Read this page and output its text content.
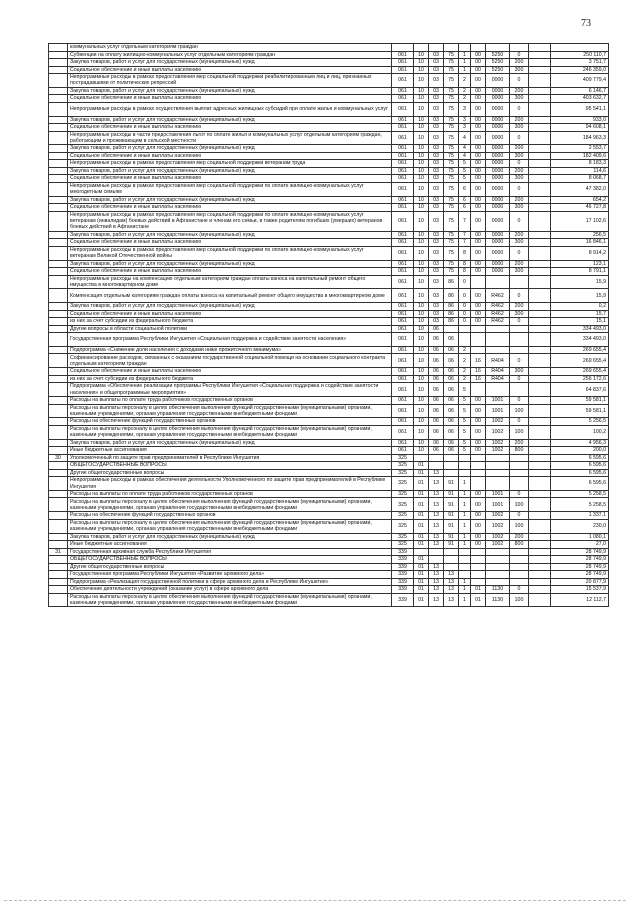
73
	коммунальных услуг отдельным категориям граждан										
	Субвенции на оплату жилищно-коммунальных услуг отдельным категориям граждан	061	10	03	75	1	00	5250	0		250 110,7
	Закупка товаров, работ и услуг для государственных (муниципальных) нужд	061	10	03	75	1	00	5250	200		3 751,7
	Социальное обеспечение и иные выплаты населению	061	10	03	75	1	00	5250	300		246 359,0
	Непрограммные расходы в рамках предоставления мер социальной поддержки реабилитированным лиц и лиц, признанных пострадавшими от политических репрессий	061	10	03	75	2	00	0000	0		409 779,4
	Закупка товаров, работ и услуг для государственных (муниципальных) нужд	061	10	03	75	2	00	0000	200		6 146,7
	Социальное обеспечение и иные выплаты населению	061	10	03	75	2	00	0000	300		403 632,7
	Непрограммные расходы в рамках осуществления выплат адресных жилищных субсидий при оплате жилья и коммунальных услуг	061	10	03	75	3	00	0000	0		95 541,1
	Закупка товаров, работ и услуг для государственных (муниципальных) нужд	061	10	03	75	3	00	0000	200		933,0
	Социальное обеспечение и иные выплаты населению	061	10	03	75	3	00	0000	300		94 608,1
	Непрограммные расходы в части предоставления льгот по оплате жилья и коммунальных услуг отдельным категориям граждан, работающим и проживающим в сельской местности	061	10	03	75	4	00	0000	0		184 963,3
	Закупка товаров, работ и услуг для государственных (муниципальных) нужд	061	10	03	75	4	00	0000	200		2 553,7
	Социальное обеспечение и иные выплаты населению	061	10	03	75	4	00	0000	300		182 409,6
	Непрограммные расходы в рамках предоставления мер социальной поддержки ветеранам труда	061	10	03	75	5	00	0000	0		8 183,3
	Закупка товаров, работ и услуг для государственных (муниципальных) нужд	061	10	03	75	5	00	0000	200		114,6
	Социальное обеспечение и иные выплаты населению	061	10	03	75	5	00	0000	300		8 068,7
	Непрограммные расходы в рамках предоставления мер социальной поддержки по оплате жилищно-коммунальных услуг многодетным семьям	061	10	03	75	6	00	0000	0		47 382,0
	Закупка товаров, работ и услуг для государственных (муниципальных) нужд	061	10	03	75	6	00	0000	200		654,2
	Социальное обеспечение и иные выплаты населению	061	10	03	75	6	00	0000	300		46 727,8
	Непрограммные расходы в рамках предоставления мер социальной поддержки по оплате жилищно-коммунальных услуг ветеранам (инвалидам) боевых действий в Афганистане и членам его семьи, в также родителям погибших (умерших) ветеранов боевых действий в Афганистане	061	10	03	75	7	00	0000	0		17 102,6
	Закупка товаров, работ и услуг для государственных (муниципальных) нужд	061	10	03	75	7	00	0000	200		256,5
	Социальное обеспечение и иные выплаты населению	061	10	03	75	7	00	0000	300		16 846,1
	Непрограммные расходы в рамках предоставления мер социальной поддержки по оплате жилищно-коммунальных услуг ветеранам Великой Отечественной войны	061	10	03	75	8	00	0000	0		8 914,2
	Закупка товаров, работ и услуг для государственных (муниципальных) нужд	061	10	03	75	8	00	0000	200		123,1
	Социальное обеспечение и иные выплаты населению	061	10	03	75	8	00	0000	300		8 791,1
	Непрограммные расходы на компенсацию отдельным категориям граждан оплаты взноса на капитальный ремонт общего имущества в многоквартирном доме	061	10	03	86	0					15,9
	Компенсация отдельным категориям граждан оплаты взноса на капитальный ремонт общего имущества в многоквартирном доме	061	10	03	86	0	00	R462	0		15,9
	Закупка товаров, работ и услуг для государственных (муниципальных) нужд	061	10	03	86	0	00	R462	200		0,2
	Социальное обеспечение и иные выплаты населению	061	10	03	86	0	00	R462	300		15,7
	из них за счет субсидии из федерального бюджета	061	10	03	86	0	00	R462	0		15,1
	Другие вопросы в области социальной политики	061	10	06							334 493,0
	Государственная программа Республики Ингушетия «Социальная поддержка и содействие занятости населения»	061	10	06	06						334 493,0
	Подпрограмма «Снижение доли населения с доходами ниже прожиточного минимума»	061	10	06	06	2					269 655,4
	Софинансирование расходов, связанных с оказанием государственной социальной помощи на основании социального контракта отдельным категориям граждан	061	10	06	06	2	16	R404	0		269 655,4
	Социальное обеспечение и иные выплаты населению	061	10	06	06	2	16	R404	300		269 655,4
	из них за счет субсидии из федерального бюджета	061	10	06	06	2	16	R404	0		256 172,6
	Подпрограмма «Обеспечение реализации программы Республики Ингушетия «Социальная поддержка и содействие занятости населения» и общепрограммные мероприятия»	061	10	06	06	5					64 837,6
	Расходы на выплаты по оплате труда работников государственных органов	061	10	06	06	5	00	1001	0		59 581,1
	Расходы на выплаты персоналу в целях обеспечения выполнения функций государственными (муниципальными) органами, казенными учреждениями, органам управления государственными внебюджетными фондами	061	10	06	06	5	00	1001	100		59 581,1
	Расходы на обеспечение функций государственных органов	061	10	06	06	5	00	1002	0		5 256,5
	Расходы на выплаты персоналу в целях обеспечения выполнения функций государственными (муниципальными) органами, казенными учреждениями, органам управления государственными внебюджетными фондами	061	10	06	06	5	00	1002	100		100,2
	Закупка товаров, работ и услуг для государственных (муниципальных) нужд	061	10	06	06	5	00	1002	200		4 956,3
	Иные бюджетные ассигнования	061	10	06	06	5	00	1002	800		200,0
30	Уполномоченный по защите прав предпринимателей в Республике Ингушетия	325									6 595,6
	ОБЩЕГОСУДАРСТВЕННЫЕ ВОПРОСЫ	325	01								6 595,6
	Другие общегосударственные вопросы	325	01	13							6 595,6
	Непрограммные расходы в рамках обеспечения деятельности Уполномоченного по защите прав предпринимателей в Республике Ингушетия	325	01	13	91	1					6 595,6
	Расходы на выплаты по оплате труда работников государственных органов	325	01	13	91	1	00	1001	0		5 258,5
	Расходы на выплаты персоналу в целях обеспечения выполнения функций государственными (муниципальными) органами, казенными учреждениями, органам управления государственными внебюджетными фондами	325	01	13	91	1	00	1001	100		5 258,5
	Расходы на обеспечение функций государственных органов	325	01	13	91	1	00	1002	0		1 337,1
	Расходы на выплаты персоналу в целях обеспечения выполнения функций государственными (муниципальными) органами, казенными учреждениями, органам управления государственными внебюджетными фондами	325	01	13	91	1	00	1002	100		230,0
	Закупка товаров, работ и услуг для государственных (муниципальных) нужд	325	01	13	91	1	00	1002	200		1 080,1
	Иные бюджетные ассигнования	325	01	13	91	1	00	1002	800		27,0
31	Государственная архивная служба Республики Ингушетия	339									28 749,9
	ОБЩЕГОСУДАРСТВЕННЫЕ ВОПРОСЫ	339	01								28 749,9
	Другие общегосударственные вопросы	339	01	13							28 749,9
	Государственная программа Республики Ингушетия «Развитие архивного дела»	339	01	13	13						28 749,9
	Подпрограмма «Реализация государственной политики в сфере архивного дела в Республике Ингушетия»	339	01	13	13	1					20 877,9
	Обеспечение деятельности учреждений (оказание услуг) в сфере архивного дела	339	01	13	13	1	01	1130	0		15 537,9
	Расходы на выплаты персоналу в целях обеспечения выполнения функций государственными (муниципальными) органами, казенными учреждениями, органам управления государственными внебюджетными фондами	339	01	13	13	1	01	1130	100		12 112,7
